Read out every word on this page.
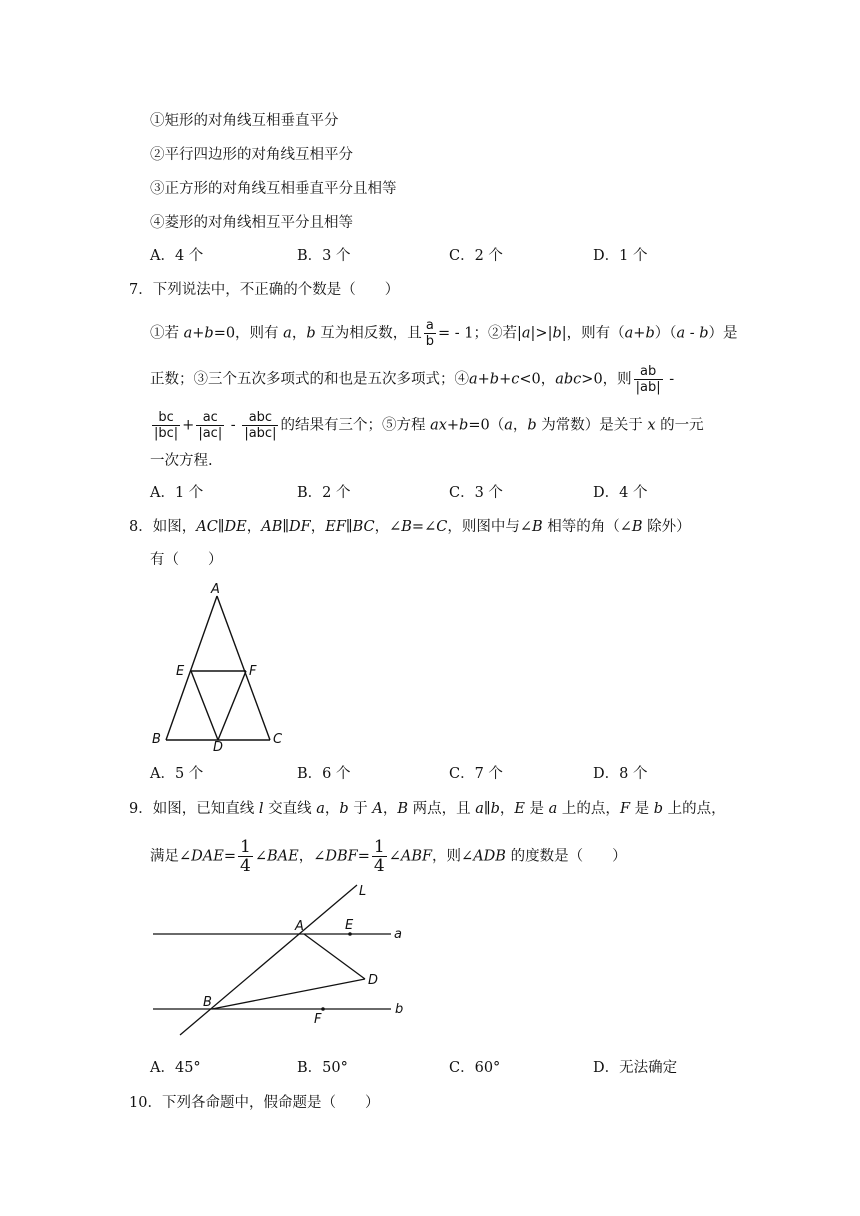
①矩形的对角线互相垂直平分
②平行四边形的对角线互相平分
③正方形的对角线互相垂直平分且相等
④菱形的对角线相互平分且相等
A．4 个	B．3 个	C．2 个	D．1 个
7．下列说法中，不正确的个数是（　　）
①若 a+b=0，则有 a，b 互为相反数，且 $\frac{a}{b}$ = - 1；②若|a|>|b|，则有（a+b）（a - b）是
正数；③三个五次多项式的和也是五次多项式；④a+b+c<0，abc>0，则 $\frac{ab}{|ab|}$ -
$\frac{bc}{|bc|} + \frac{ac}{|ac|} - \frac{\text{abc}}{\text{|abc|}}$ 的结果有三个；⑤方程 ax+b=0（a，b 为常数）是关于 x 的一元
一次方程.
A．1 个	B．2 个	C．3 个	D．4 个
8．如图，AC∥DE，AB∥DF，EF∥BC，∠B=∠C，则图中与∠B 相等的角（∠B 除外）
有（　　）
A
E	F
B
D
C
A．5 个	B．6 个	C．7 个	D．8 个
9．如图，已知直线 l 交直线 a，b 于 A，B 两点，且 a∥b，E 是 a 上的点，F 是 b 上的点，
满足∠DAE= $\frac{1}{4}$ ∠BAE，∠DBF= $\frac{1}{4}$ ∠ABF，则∠ADB 的度数是（　　）
L
A	E
a
D
B
F
b
A．45°	B．50°	C．60°	D．无法确定
10．下列各命题中，假命题是（　　）
